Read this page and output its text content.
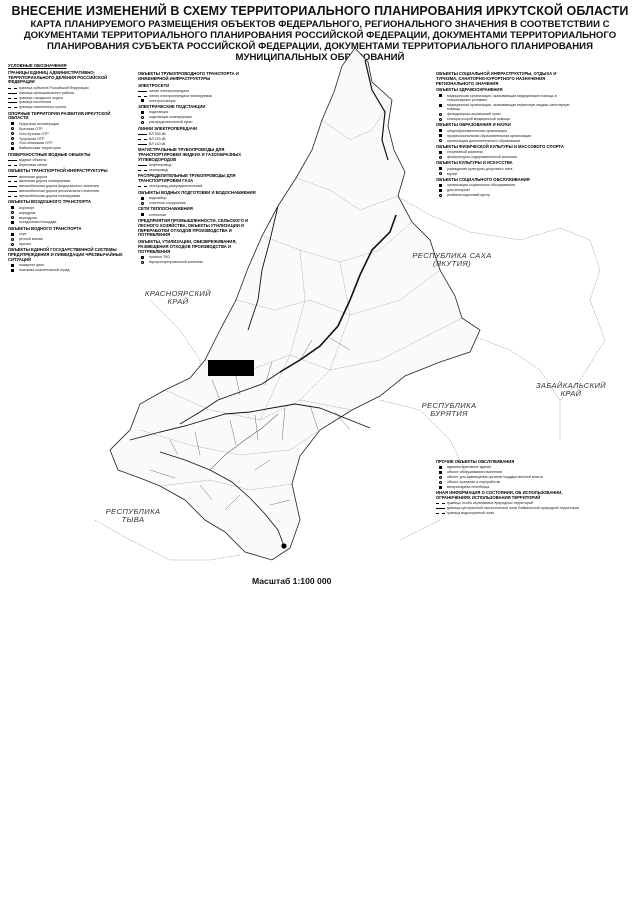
ВНЕСЕНИЕ ИЗМЕНЕНИЙ В СХЕМУ ТЕРРИТОРИАЛЬНОГО ПЛАНИРОВАНИЯ ИРКУТСКОЙ ОБЛАСТИ
КАРТА ПЛАНИРУЕМОГО РАЗМЕЩЕНИЯ ОБЪЕКТОВ ФЕДЕРАЛЬНОГО, РЕГИОНАЛЬНОГО ЗНАЧЕНИЯ В СООТВЕТСТВИИ С ДОКУМЕНТАМИ ТЕРРИТОРИАЛЬНОГО ПЛАНИРОВАНИЯ РОССИЙСКОЙ ФЕДЕРАЦИИ, ДОКУМЕНТАМИ ТЕРРИТОРИАЛЬНОГО ПЛАНИРОВАНИЯ СУБЪЕКТА РОССИЙСКОЙ ФЕДЕРАЦИИ, ДОКУМЕНТАМИ ТЕРРИТОРИАЛЬНОГО ПЛАНИРОВАНИЯ МУНИЦИПАЛЬНЫХ ОБРАЗОВАНИЙ
КРАСНОЯРСКИЙ
КРАЙ
РЕСПУБЛИКА САХА
(ЯКУТИЯ)
ЗАБАЙКАЛЬСКИЙ
КРАЙ
РЕСПУБЛИКА
БУРЯТИЯ
РЕСПУБЛИКА
ТЫВА
Масштаб 1:100 000
УСЛОВНЫЕ ОБОЗНАЧЕНИЯ
ГРАНИЦЫ ЕДИНИЦ АДМИНИСТРАТИВНО-ТЕРРИТОРИАЛЬНОГО ДЕЛЕНИЯ РОССИЙСКОЙ ФЕДЕРАЦИИ
граница субъекта Российской Федерации
граница муниципального района
граница городского округа
граница поселения
граница населенного пункта
ОПОРНЫЕ ТЕРРИТОРИИ РАЗВИТИЯ ИРКУТСКОЙ ОБЛАСТИ
Иркутская агломерация
Братская ОТР
Усть-Кутская ОТР
Тулунская ОТР
Усть-Илимская ОТР
Байкальская территория
ПОВЕРХНОСТНЫЕ ВОДНЫЕ ОБЪЕКТЫ
водные объекты
береговая линия
ОБЪЕКТЫ ТРАНСПОРТНОЙ ИНФРАСТРУКТУРЫ
железная дорога
железная дорога планируемая
автомобильная дорога федерального значения
автомобильная дорога регионального значения
автомобильная дорога планируемая
ОБЪЕКТЫ ВОЗДУШНОГО ТРАНСПОРТА
аэропорт
аэродром
вертодром
посадочная площадка
ОБЪЕКТЫ ВОДНОГО ТРАНСПОРТА
порт
речной вокзал
причал
ОБЪЕКТЫ ЕДИНОЙ ГОСУДАРСТВЕННОЙ СИСТЕМЫ ПРЕДУПРЕЖДЕНИЯ И ЛИКВИДАЦИИ ЧРЕЗВЫЧАЙНЫХ СИТУАЦИЙ
пожарное депо
поисково-спасательный отряд
ОБЪЕКТЫ ТРУБОПРОВОДНОГО ТРАНСПОРТА И ИНЖЕНЕРНОЙ ИНФРАСТРУКТУРЫ
ЭЛЕКТРОСЕТИ
линия электропередачи
линия электропередачи планируемая
электростанция
ЭЛЕКТРИЧЕСКИЕ ПОДСТАНЦИИ
подстанция
подстанция планируемая
распределительный пункт
ЛИНИИ ЭЛЕКТРОПЕРЕДАЧИ
ВЛ 500 кВ
ВЛ 220 кВ
ВЛ 110 кВ
МАГИСТРАЛЬНЫЕ ТРУБОПРОВОДЫ ДЛЯ ТРАНСПОРТИРОВКИ ЖИДКИХ И ГАЗООБРАЗНЫХ УГЛЕВОДОРОДОВ
нефтепровод
газопровод
РАСПРЕДЕЛИТЕЛЬНЫЕ ТРУБОПРОВОДЫ ДЛЯ ТРАНСПОРТИРОВКИ ГАЗА
газопровод распределительный
ОБЪЕКТЫ ВОДНЫХ ПОДГОТОВКИ И ВОДОСНАБЖЕНИЯ
водозабор
очистные сооружения
СЕТИ ТЕПЛОСНАБЖЕНИЯ
котельная
ПРЕДПРИЯТИЯ ПРОМЫШЛЕННОСТИ, СЕЛЬСКОГО И ЛЕСНОГО ХОЗЯЙСТВА, ОБЪЕКТЫ УТИЛИЗАЦИИ И ПЕРЕРАБОТКИ ОТХОДОВ ПРОИЗВОДСТВА И ПОТРЕБЛЕНИЯ
ОБЪЕКТЫ, УТИЛИЗАЦИИ, ОБЕЗВРЕЖИВАНИЯ, РАЗМЕЩЕНИЯ ОТХОДОВ ПРОИЗВОДСТВА И ПОТРЕБЛЕНИЯ
полигон ТКО
мусоросортировочный комплекс
ОБЪЕКТЫ СОЦИАЛЬНОЙ ИНФРАСТРУКТУРЫ, ОТДЫХА И ТУРИЗМА, САНАТОРНО-КУРОРТНОГО НАЗНАЧЕНИЯ РЕГИОНАЛЬНОГО ЗНАЧЕНИЯ
ОБЪЕКТЫ ЗДРАВООХРАНЕНИЯ
медицинская организация, оказывающая медицинскую помощь в стационарных условиях
медицинская организация, оказывающая первичную медико-санитарную помощь
фельдшерско-акушерский пункт
станция скорой медицинской помощи
ОБЪЕКТЫ ОБРАЗОВАНИЯ И НАУКИ
общеобразовательная организация
профессиональная образовательная организация
организация дополнительного образования
ОБЪЕКТЫ ФИЗИЧЕСКОЙ КУЛЬТУРЫ И МАССОВОГО СПОРТА
спортивный комплекс
физкультурно-оздоровительный комплекс
ОБЪЕКТЫ КУЛЬТУРЫ И ИСКУССТВА
учреждение культурно-досугового типа
музей
ОБЪЕКТЫ СОЦИАЛЬНОГО ОБСЛУЖИВАНИЯ
организация социального обслуживания
дом-интернат
реабилитационный центр
ПРОЧИЕ ОБЪЕКТЫ ОБСЛУЖИВАНИЯ
административное здание
объект обслуживания населения
объект для размещения органов государственной власти
объект хранения и переработки
ветеринарная лечебница
ИНАЯ ИНФОРМАЦИЯ О СОСТОЯНИИ, ОБ ИСПОЛЬЗОВАНИИ, ОГРАНИЧЕНИЯХ ИСПОЛЬЗОВАНИЯ ТЕРРИТОРИЙ
границы особо охраняемых природных территорий
граница центральной экологической зоны Байкальской природной территории
граница водоохранной зоны
